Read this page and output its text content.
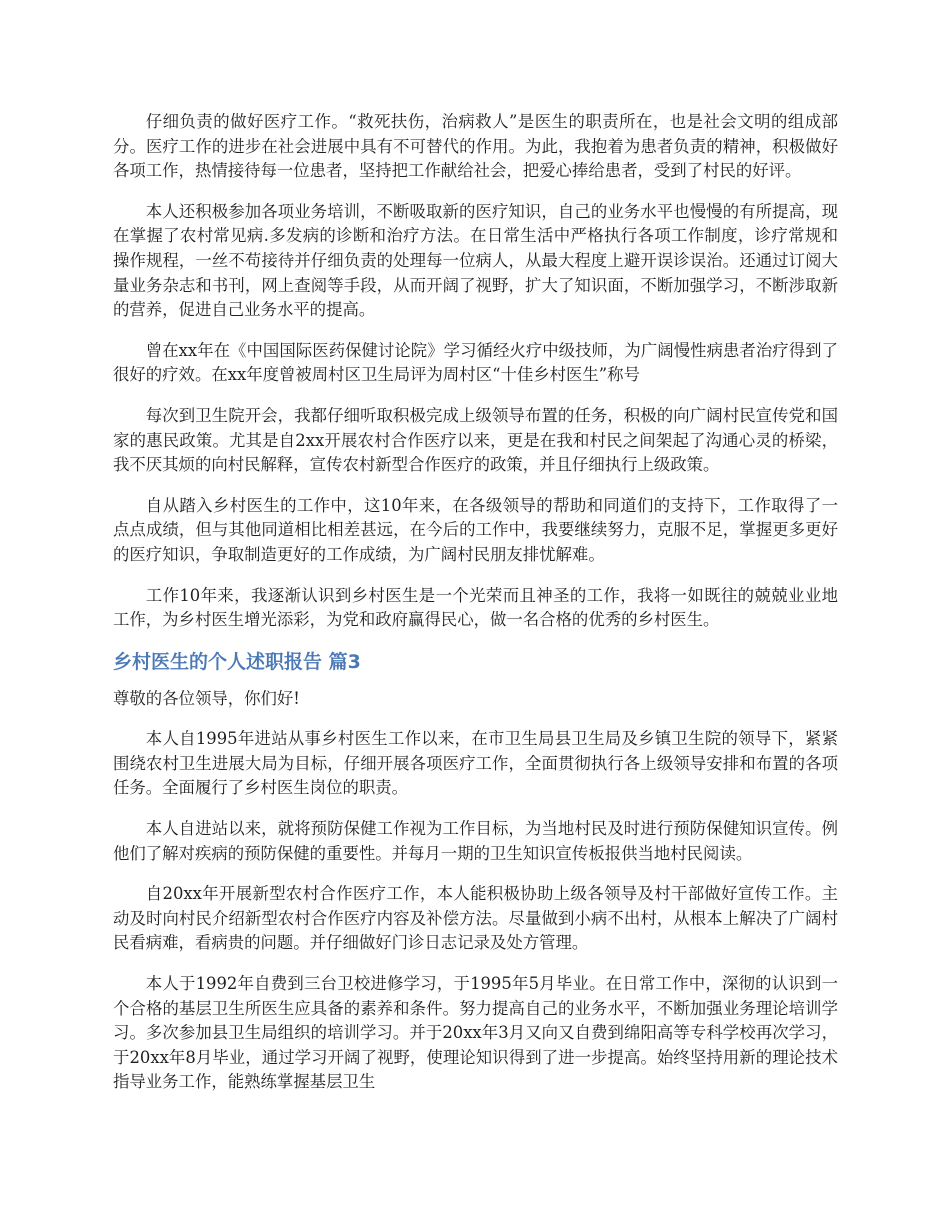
仔细负责的做好医疗工作。“救死扶伤，治病救人”是医生的职责所在，也是社会文明的组成部分。医疗工作的进步在社会进展中具有不可替代的作用。为此，我抱着为患者负责的精神，积极做好各项工作，热情接待每一位患者，坚持把工作献给社会，把爱心捧给患者，受到了村民的好评。

本人还积极参加各项业务培训，不断吸取新的医疗知识，自己的业务水平也慢慢的有所提高，现在掌握了农村常见病.多发病的诊断和治疗方法。在日常生活中严格执行各项工作制度，诊疗常规和操作规程，一丝不苟接待并仔细负责的处理每一位病人，从最大程度上避开误诊误治。还通过订阅大量业务杂志和书刊，网上查阅等手段，从而开阔了视野，扩大了知识面，不断加强学习，不断涉取新的营养，促进自己业务水平的提高。

曾在xx年在《中国国际医药保健讨论院》学习循经火疗中级技师，为广阔慢性病患者治疗得到了很好的疗效。在xx年度曾被周村区卫生局评为周村区“十佳乡村医生”称号

每次到卫生院开会，我都仔细听取积极完成上级领导布置的任务，积极的向广阔村民宣传党和国家的惠民政策。尤其是自2xx开展农村合作医疗以来，更是在我和村民之间架起了沟通心灵的桥梁，我不厌其烦的向村民解释，宣传农村新型合作医疗的政策，并且仔细执行上级政策。

自从踏入乡村医生的工作中，这10年来，在各级领导的帮助和同道们的支持下，工作取得了一点点成绩，但与其他同道相比相差甚远，在今后的工作中，我要继续努力，克服不足，掌握更多更好的医疗知识，争取制造更好的工作成绩，为广阔村民朋友排忧解难。

工作10年来，我逐渐认识到乡村医生是一个光荣而且神圣的工作，我将一如既往的兢兢业业地工作，为乡村医生增光添彩，为党和政府赢得民心，做一名合格的优秀的乡村医生。

乡村医生的个人述职报告 篇3

尊敬的各位领导，你们好!

本人自1995年进站从事乡村医生工作以来，在市卫生局县卫生局及乡镇卫生院的领导下，紧紧围绕农村卫生进展大局为目标，仔细开展各项医疗工作，全面贯彻执行各上级领导安排和布置的各项任务。全面履行了乡村医生岗位的职责。

本人自进站以来，就将预防保健工作视为工作目标，为当地村民及时进行预防保健知识宣传。例他们了解对疾病的预防保健的重要性。并每月一期的卫生知识宣传板报供当地村民阅读。

自20xx年开展新型农村合作医疗工作，本人能积极协助上级各领导及村干部做好宣传工作。主动及时向村民介绍新型农村合作医疗内容及补偿方法。尽量做到小病不出村，从根本上解决了广阔村民看病难，看病贵的问题。并仔细做好门诊日志记录及处方管理。

本人于1992年自费到三台卫校进修学习，于1995年5月毕业。在日常工作中，深彻的认识到一个合格的基层卫生所医生应具备的素养和条件。努力提高自己的业务水平，不断加强业务理论培训学习。多次参加县卫生局组织的培训学习。并于20xx年3月又向又自费到绵阳高等专科学校再次学习，于20xx年8月毕业，通过学习开阔了视野，使理论知识得到了进一步提高。始终坚持用新的理论技术指导业务工作，能熟练掌握基层卫生
